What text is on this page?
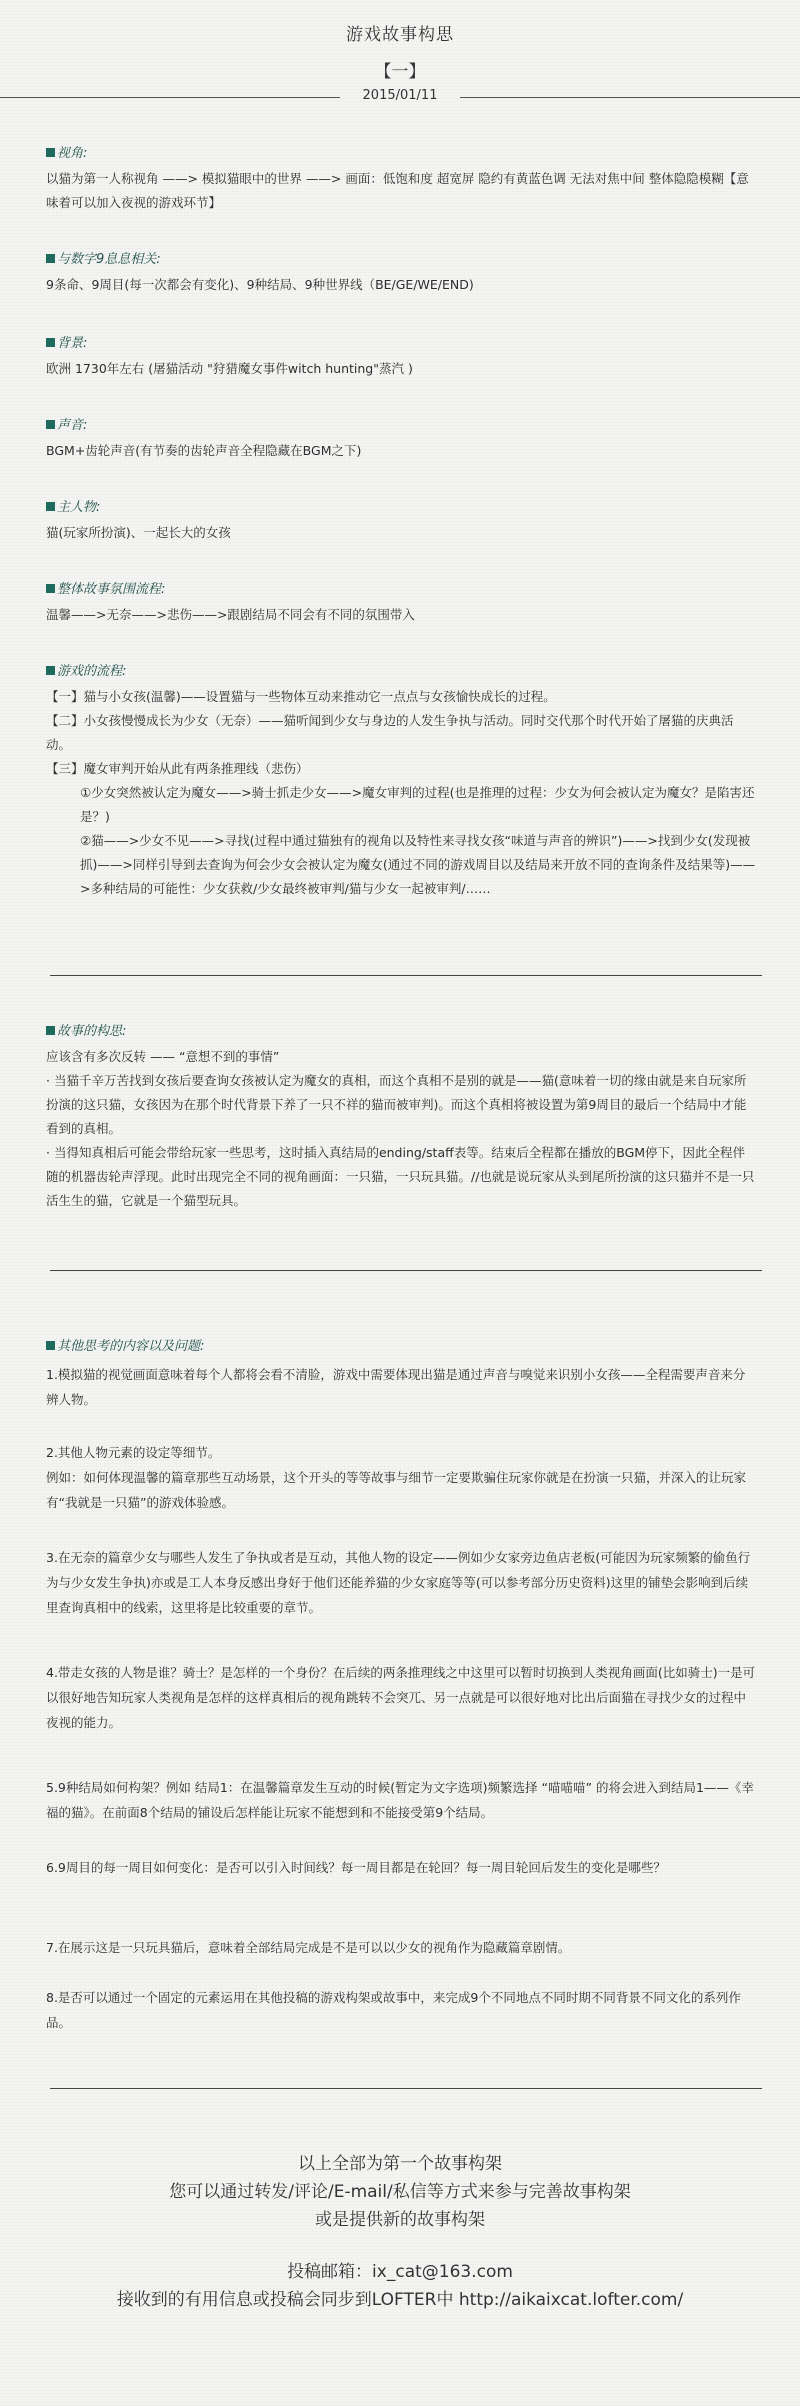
游戏故事构思
【一】
2015/01/11
视角:
以猫为第一人称视角 ——> 模拟猫眼中的世界 ——> 画面：低饱和度 超宽屏 隐约有黄蓝色调 无法对焦中间 整体隐隐模糊【意味着可以加入夜视的游戏环节】
与数字9息息相关:
9条命、9周目(每一次都会有变化)、9种结局、9种世界线（BE/GE/WE/END)
背景:
欧洲 1730年左右 (屠猫活动 "狩猎魔女事件witch hunting"蒸汽 )
声音:
BGM+齿轮声音(有节奏的齿轮声音全程隐藏在BGM之下)
主人物:
猫(玩家所扮演)、一起长大的女孩
整体故事氛围流程:
温馨——>无奈——>悲伤——>跟剧结局不同会有不同的氛围带入
游戏的流程:

【一】猫与小女孩(温馨)——设置猫与一些物体互动来推动它一点点与女孩愉快成长的过程。

【二】小女孩慢慢成长为少女（无奈）——猫听闻到少女与身边的人发生争执与活动。同时交代那个时代开始了屠猫的庆典活动。

【三】魔女审判开始从此有两条推理线（悲伤）

①少女突然被认定为魔女——>骑士抓走少女——>魔女审判的过程(也是推理的过程：少女为何会被认定为魔女？是陷害还是？)

②猫——>少女不见——>寻找(过程中通过猫独有的视角以及特性来寻找女孩“味道与声音的辨识”)——>找到少女(发现被抓)——>同样引导到去查询为何会少女会被认定为魔女(通过不同的游戏周目以及结局来开放不同的查询条件及结果等)——>多种结局的可能性：少女获救/少女最终被审判/猫与少女一起被审判/……

故事的构思:

应该含有多次反转 —— “意想不到的事情”

· 当猫千辛万苦找到女孩后要查询女孩被认定为魔女的真相，而这个真相不是别的就是——猫(意味着一切的缘由就是来自玩家所扮演的这只猫，女孩因为在那个时代背景下养了一只不祥的猫而被审判)。而这个真相将被设置为第9周目的最后一个结局中才能看到的真相。

· 当得知真相后可能会带给玩家一些思考，这时插入真结局的ending/staff表等。结束后全程都在播放的BGM停下，因此全程伴随的机器齿轮声浮现。此时出现完全不同的视角画面：一只猫，一只玩具猫。//也就是说玩家从头到尾所扮演的这只猫并不是一只活生生的猫，它就是一个猫型玩具。

其他思考的内容以及问题:

1.模拟猫的视觉画面意味着每个人都将会看不清脸，游戏中需要体现出猫是通过声音与嗅觉来识别小女孩——全程需要声音来分辨人物。

2.其他人物元素的设定等细节。

例如：如何体现温馨的篇章那些互动场景，这个开头的等等故事与细节一定要欺骗住玩家你就是在扮演一只猫，并深入的让玩家有“我就是一只猫”的游戏体验感。

3.在无奈的篇章少女与哪些人发生了争执或者是互动，其他人物的设定——例如少女家旁边鱼店老板(可能因为玩家频繁的偷鱼行为与少女发生争执)亦或是工人本身反感出身好于他们还能养猫的少女家庭等等(可以参考部分历史资料)这里的铺垫会影响到后续里查询真相中的线索，这里将是比较重要的章节。

4.带走女孩的人物是谁？骑士？是怎样的一个身份？在后续的两条推理线之中这里可以暂时切换到人类视角画面(比如骑士)一是可以很好地告知玩家人类视角是怎样的这样真相后的视角跳转不会突兀、另一点就是可以很好地对比出后面猫在寻找少女的过程中夜视的能力。

5.9种结局如何构架？例如 结局1：在温馨篇章发生互动的时候(暂定为文字选项)频繁选择 “喵喵喵” 的将会进入到结局1——《幸福的猫》。在前面8个结局的铺设后怎样能让玩家不能想到和不能接受第9个结局。

6.9周目的每一周目如何变化：是否可以引入时间线？每一周目都是在轮回？每一周目轮回后发生的变化是哪些？

7.在展示这是一只玩具猫后，意味着全部结局完成是不是可以以少女的视角作为隐藏篇章剧情。

8.是否可以通过一个固定的元素运用在其他投稿的游戏构架或故事中，来完成9个不同地点不同时期不同背景不同文化的系列作品。

以上全部为第一个故事构架

您可以通过转发/评论/E-mail/私信等方式来参与完善故事构架

或是提供新的故事构架

投稿邮箱：ix_cat@163.com

接收到的有用信息或投稿会同步到LOFTER中 http://aikaixcat.lofter.com/
